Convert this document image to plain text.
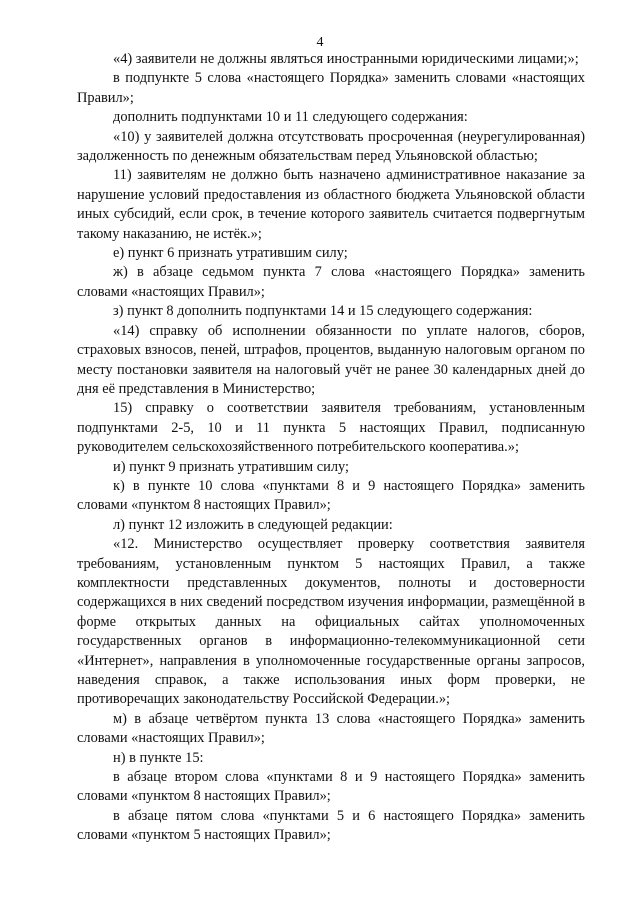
4

«4) заявители не должны являться иностранными юридическими лицами;»;

в подпункте 5 слова «настоящего Порядка» заменить словами «настоящих Правил»;

дополнить подпунктами 10 и 11 следующего содержания:

«10) у заявителей должна отсутствовать просроченная (неурегулированная) задолженность по денежным обязательствам перед Ульяновской областью;

11) заявителям не должно быть назначено административное наказание за нарушение условий предоставления из областного бюджета Ульяновской области иных субсидий, если срок, в течение которого заявитель считается подвергнутым такому наказанию, не истёк.»;

е) пункт 6 признать утратившим силу;

ж) в абзаце седьмом пункта 7 слова «настоящего Порядка» заменить словами «настоящих Правил»;

з) пункт 8 дополнить подпунктами 14 и 15 следующего содержания:

«14) справку об исполнении обязанности по уплате налогов, сборов, страховых взносов, пеней, штрафов, процентов, выданную налоговым органом по месту постановки заявителя на налоговый учёт не ранее 30 календарных дней до дня её представления в Министерство;

15) справку о соответствии заявителя требованиям, установленным подпунктами 2-5, 10 и 11 пункта 5 настоящих Правил, подписанную руководителем сельскохозяйственного потребительского кооператива.»;

и) пункт 9 признать утратившим силу;

к) в пункте 10 слова «пунктами 8 и 9 настоящего Порядка» заменить словами «пунктом 8 настоящих Правил»;

л) пункт 12 изложить в следующей редакции:

«12. Министерство осуществляет проверку соответствия заявителя требованиям, установленным пунктом 5 настоящих Правил, а также комплектности представленных документов, полноты и достоверности содержащихся в них сведений посредством изучения информации, размещённой в форме открытых данных на официальных сайтах уполномоченных государственных органов в информационно-телекоммуникационной сети «Интернет», направления в уполномоченные государственные органы запросов, наведения справок, а также использования иных форм проверки, не противоречащих законодательству Российской Федерации.»;

м) в абзаце четвёртом пункта 13 слова «настоящего Порядка» заменить словами «настоящих Правил»;

н) в пункте 15:

в абзаце втором слова «пунктами 8 и 9 настоящего Порядка» заменить словами «пунктом 8 настоящих Правил»;

в абзаце пятом слова «пунктами 5 и 6 настоящего Порядка» заменить словами «пунктом 5 настоящих Правил»;
